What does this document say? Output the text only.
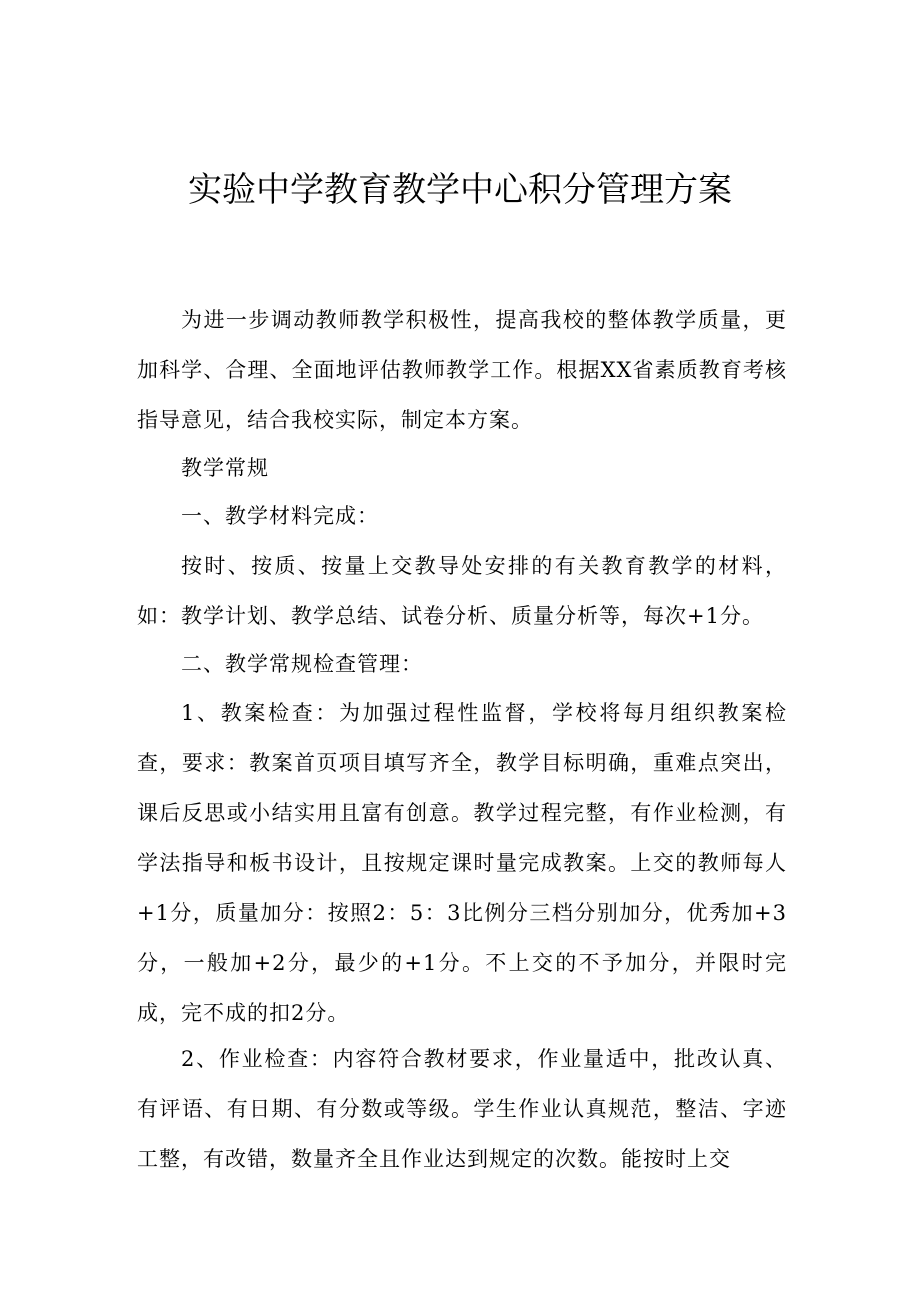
实验中学教育教学中心积分管理方案

为进一步调动教师教学积极性，提高我校的整体教学质量，更加科学、合理、全面地评估教师教学工作。根据XX省素质教育考核指导意见，结合我校实际，制定本方案。

教学常规

一、教学材料完成：

按时、按质、按量上交教导处安排的有关教育教学的材料，如：教学计划、教学总结、试卷分析、质量分析等，每次+1分。

二、教学常规检查管理：

1、教案检查：为加强过程性监督，学校将每月组织教案检查，要求：教案首页项目填写齐全，教学目标明确，重难点突出，课后反思或小结实用且富有创意。教学过程完整，有作业检测，有学法指导和板书设计，且按规定课时量完成教案。上交的教师每人+1分，质量加分：按照2：5：3比例分三档分别加分，优秀加+3分，一般加+2分，最少的+1分。不上交的不予加分，并限时完成，完不成的扣2分。

2、作业检查：内容符合教材要求，作业量适中，批改认真、有评语、有日期、有分数或等级。学生作业认真规范，整洁、字迹工整，有改错，数量齐全且作业达到规定的次数。能按时上交
